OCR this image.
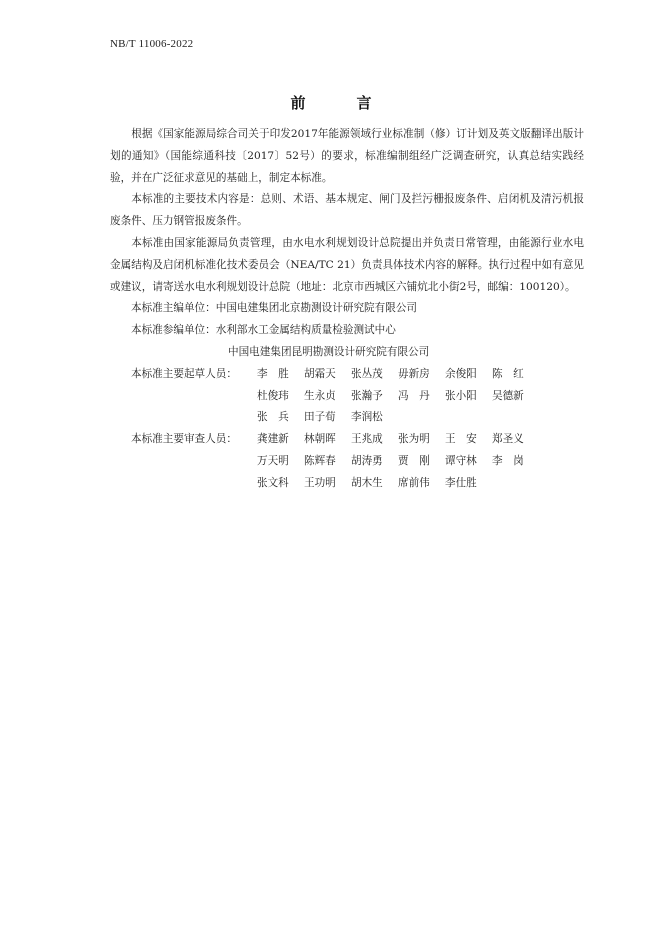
NB/T 11006-2022
前　言

根据《国家能源局综合司关于印发2017年能源领域行业标准制（修）订计划及英文版翻译出版计划的通知》（国能综通科技〔2017〕52号）的要求，标准编制组经广泛调查研究，认真总结实践经验，并在广泛征求意见的基础上，制定本标准。

本标准的主要技术内容是：总则、术语、基本规定、闸门及拦污栅报废条件、启闭机及清污机报废条件、压力钢管报废条件。

本标准由国家能源局负责管理，由水电水利规划设计总院提出并负责日常管理，由能源行业水电金属结构及启闭机标准化技术委员会（NEA/TC 21）负责具体技术内容的解释。执行过程中如有意见或建议，请寄送水电水利规划设计总院（地址：北京市西城区六铺炕北小街2号，邮编：100120）。

本标准主编单位： 中国电建集团北京勘测设计研究院有限公司
本标准参编单位： 水利部水工金属结构质量检验测试中心
中国电建集团昆明勘测设计研究院有限公司
本标准主要起草人员：	李　胜	胡霜天	张丛茂	毋新房	余俊阳	陈　红
杜俊玮	生永贞	张瀚予	冯　丹	张小阳	吴德新
张　兵	田子荀	李润松
本标准主要审查人员：	龚建新	林朝晖	王兆成	张为明	王　安	郑圣义
万天明	陈辉春	胡涛勇	贾　刚	谭守林	李　岗
张文科	王功明	胡木生	席前伟	李仕胜
